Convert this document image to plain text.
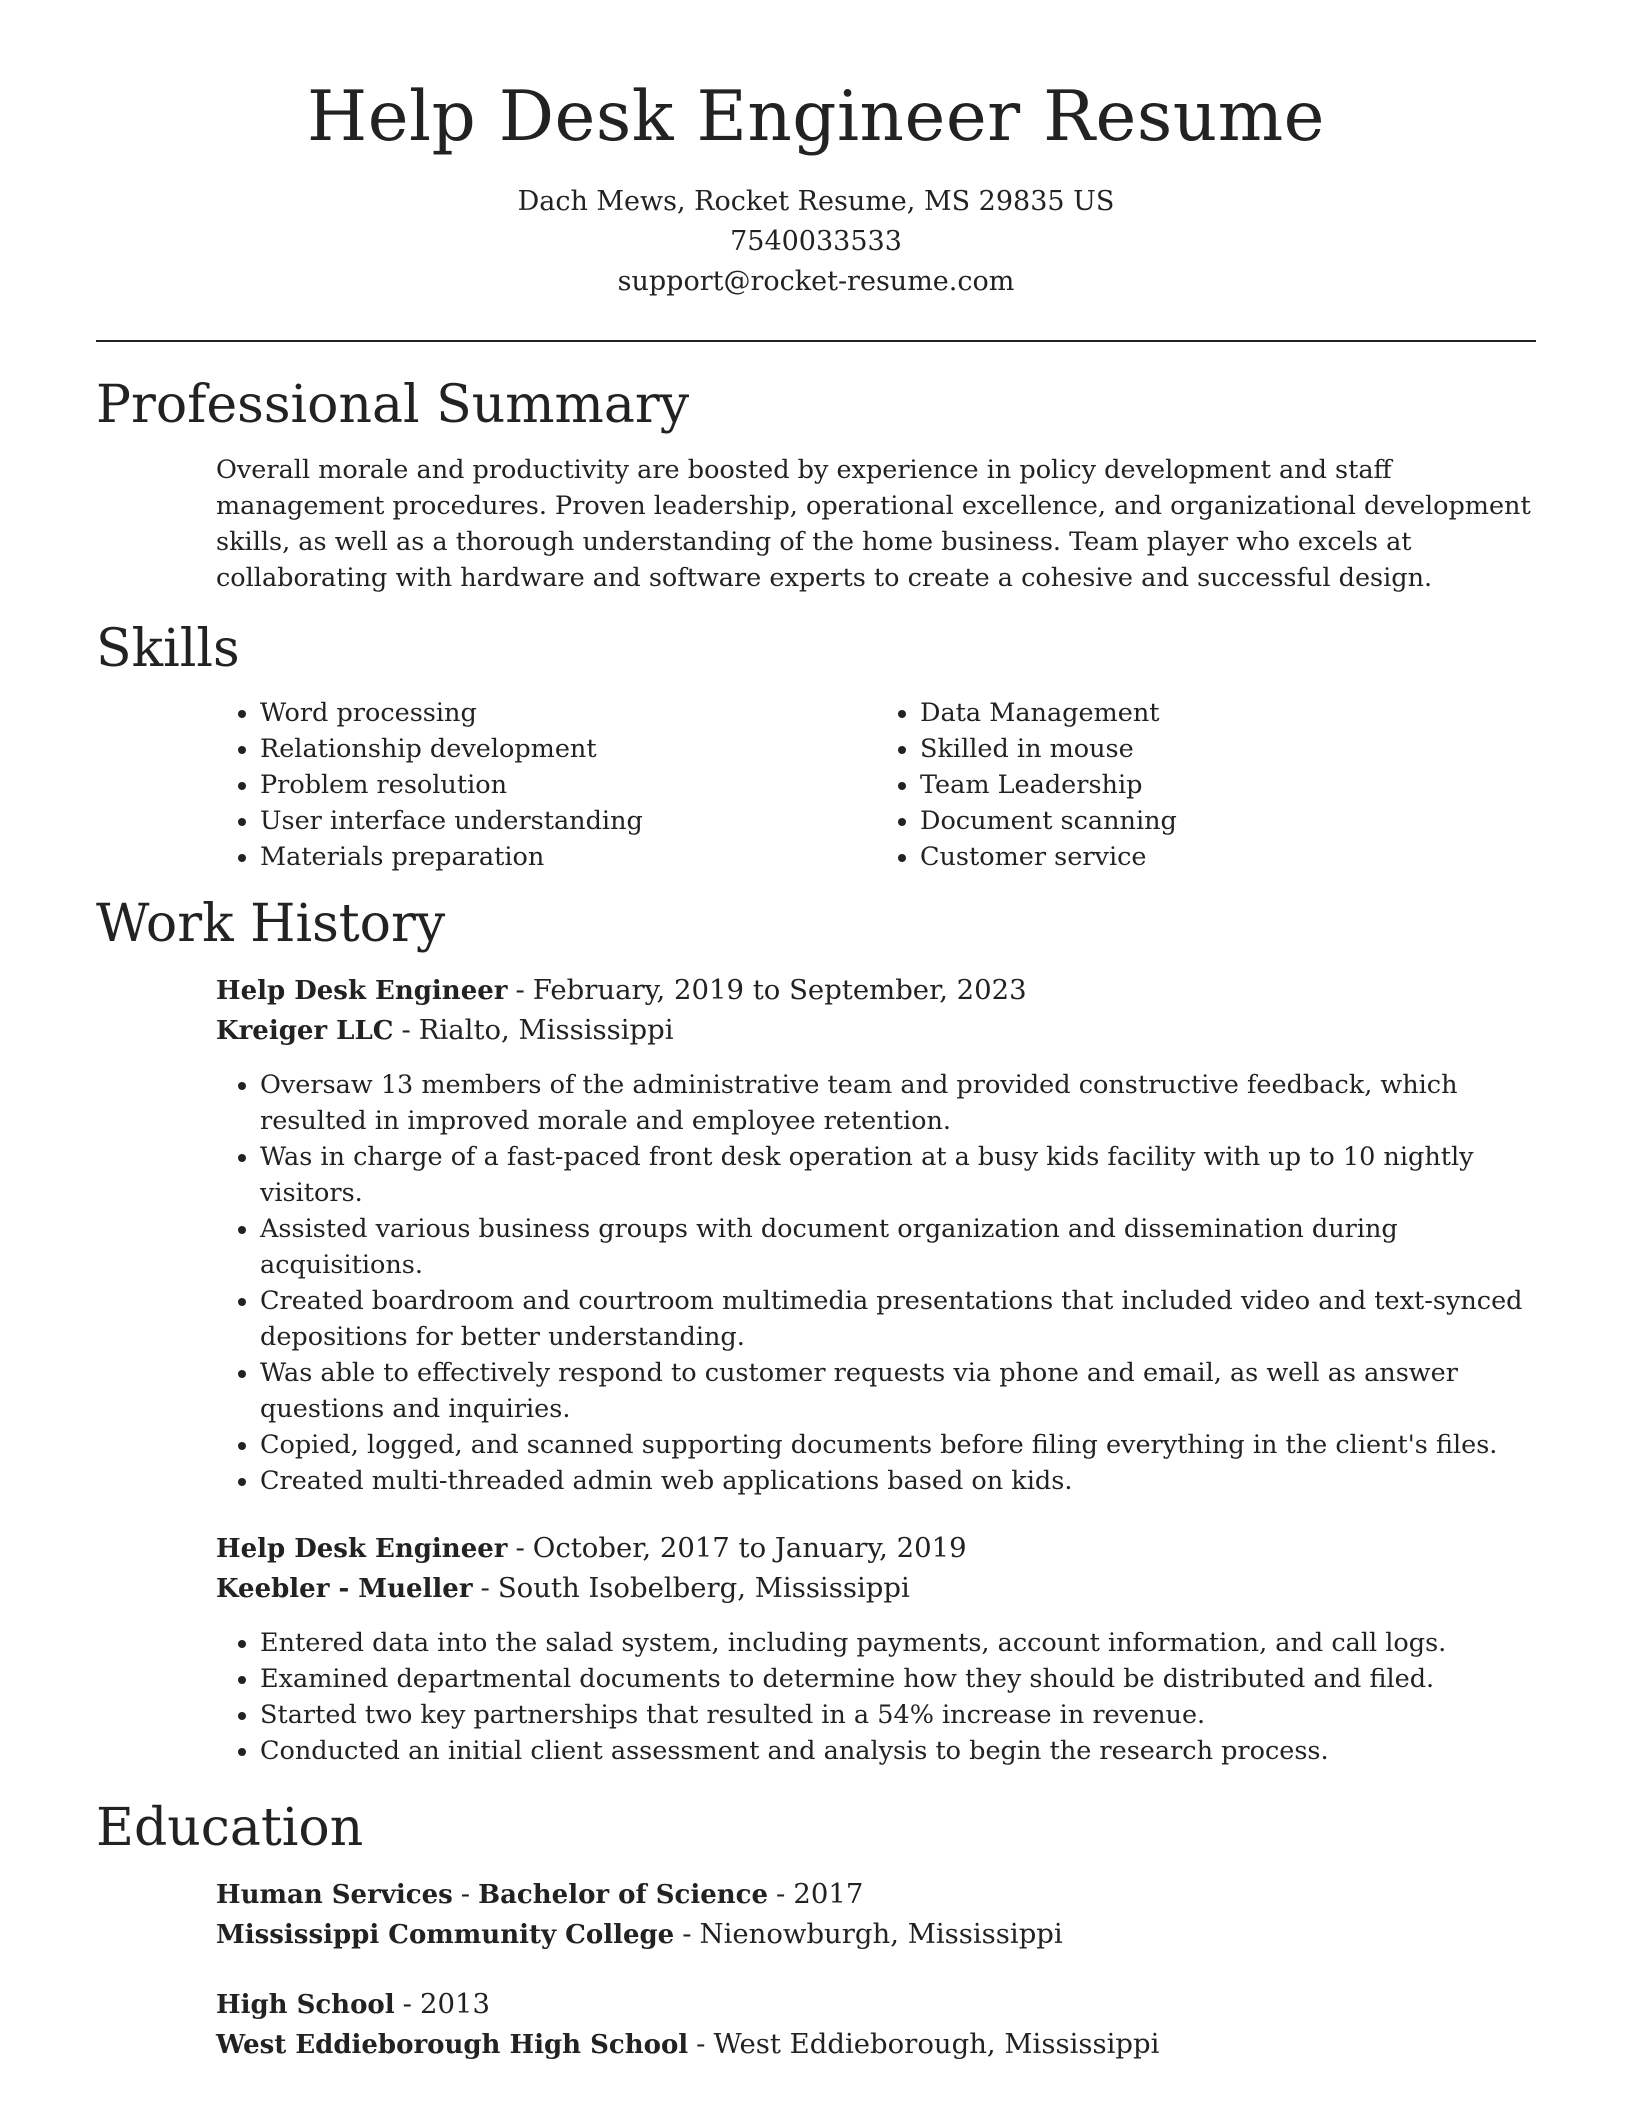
Help Desk Engineer Resume

Dach Mews, Rocket Resume, MS 29835 US

7540033533

support@rocket-resume.com

Professional Summary

Overall morale and productivity are boosted by experience in policy development and staff management procedures. Proven leadership, operational excellence, and organizational development skills, as well as a thorough understanding of the home business. Team player who excels at collaborating with hardware and software experts to create a cohesive and successful design.

Skills
• Word processing
• Relationship development
• Problem resolution
• User interface understanding
• Materials preparation
• Data Management
• Skilled in mouse
• Team Leadership
• Document scanning
• Customer service
Work History

Help Desk Engineer - February, 2019 to September, 2023

Kreiger LLC - Rialto, Mississippi

• Oversaw 13 members of the administrative team and provided constructive feedback, which resulted in improved morale and employee retention.
• Was in charge of a fast-paced front desk operation at a busy kids facility with up to 10 nightly visitors.
• Assisted various business groups with document organization and dissemination during acquisitions.
• Created boardroom and courtroom multimedia presentations that included video and text-synced depositions for better understanding.
• Was able to effectively respond to customer requests via phone and email, as well as answer questions and inquiries.
• Copied, logged, and scanned supporting documents before filing everything in the client's files.
• Created multi-threaded admin web applications based on kids.

Help Desk Engineer - October, 2017 to January, 2019

Keebler - Mueller - South Isobelberg, Mississippi

• Entered data into the salad system, including payments, account information, and call logs.
• Examined departmental documents to determine how they should be distributed and filed.
• Started two key partnerships that resulted in a 54% increase in revenue.
• Conducted an initial client assessment and analysis to begin the research process.
Education

Human Services - Bachelor of Science - 2017

Mississippi Community College - Nienowburgh, Mississippi

High School - 2013

West Eddieborough High School - West Eddieborough, Mississippi
